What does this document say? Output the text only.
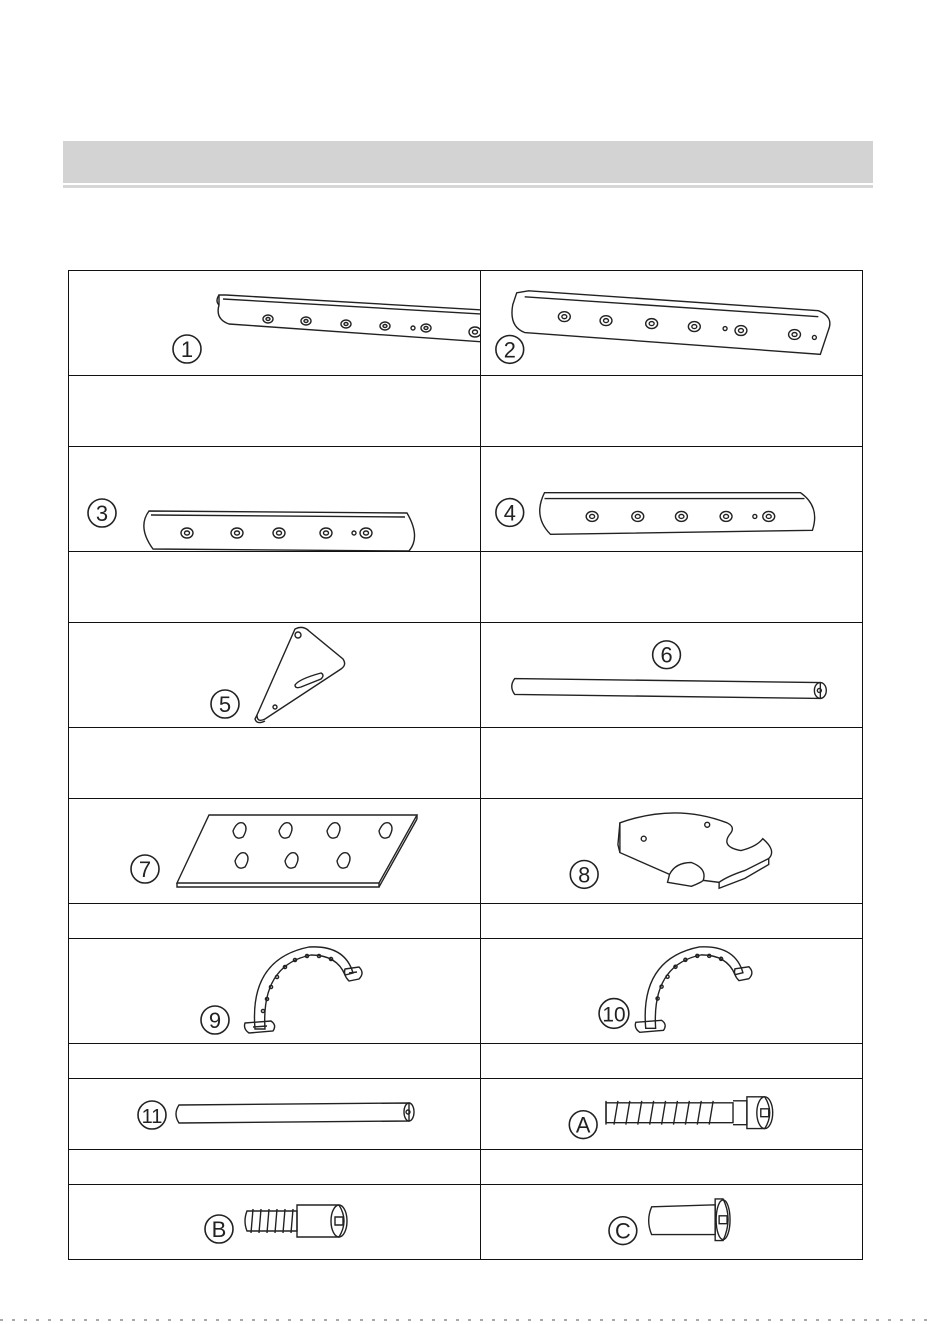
1	2

3	4

5	6

7	8

9	10

11	A

B	C
